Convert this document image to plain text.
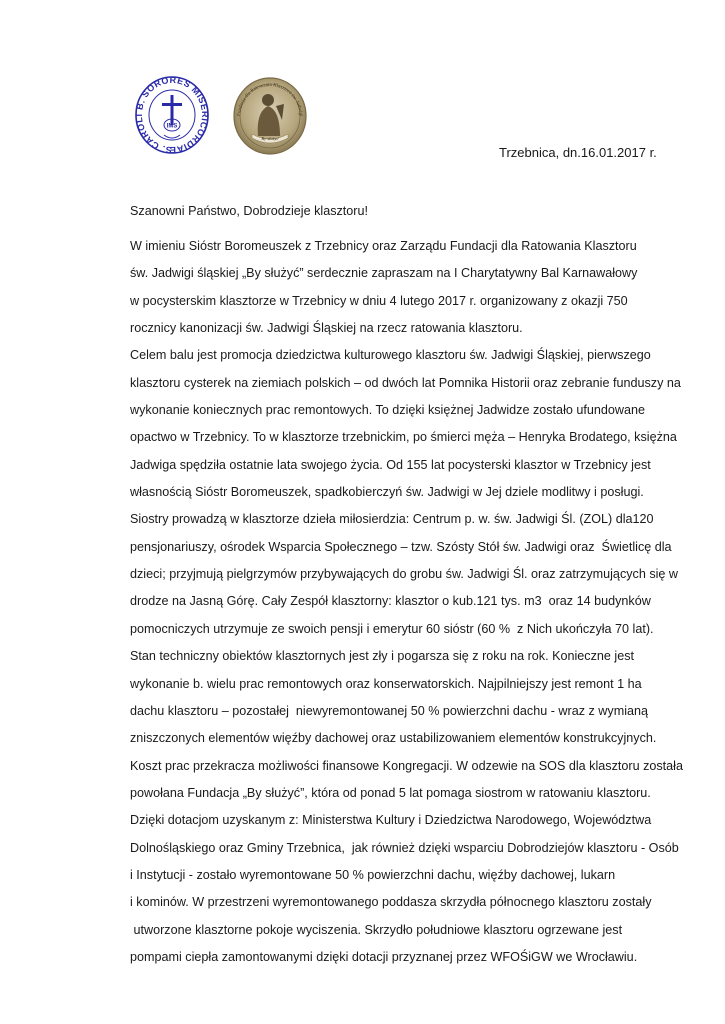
S. CAROLI B. SORORES MISERICORDIAE
IMS
Fundacja dla Ratowania Klasztoru św. Jadwigi
By służyć
Trzebnica, dn.16.01.2017 r.
Szanowni Państwo, Dobrodzieje klasztoru!
W imieniu Sióstr Boromeuszek z Trzebnicy oraz Zarządu Fundacji dla Ratowania Klasztoru
św. Jadwigi śląskiej „By służyć” serdecznie zapraszam na I Charytatywny Bal Karnawałowy
w pocysterskim klasztorze w Trzebnicy w dniu 4 lutego 2017 r. organizowany z okazji 750
rocznicy kanonizacji św. Jadwigi Śląskiej na rzecz ratowania klasztoru.
Celem balu jest promocja dziedzictwa kulturowego klasztoru św. Jadwigi Śląskiej, pierwszego
klasztoru cysterek na ziemiach polskich – od dwóch lat Pomnika Historii oraz zebranie funduszy na
wykonanie koniecznych prac remontowych. To dzięki księżnej Jadwidze zostało ufundowane
opactwo w Trzebnicy. To w klasztorze trzebnickim, po śmierci męża – Henryka Brodatego, księżna
Jadwiga spędziła ostatnie lata swojego życia. Od 155 lat pocysterski klasztor w Trzebnicy jest
własnością Sióstr Boromeuszek, spadkobierczyń św. Jadwigi w Jej dziele modlitwy i posługi.
Siostry prowadzą w klasztorze dzieła miłosierdzia: Centrum p. w. św. Jadwigi Śl. (ZOL) dla120
pensjonariuszy, ośrodek Wsparcia Społecznego – tzw. Szósty Stół św. Jadwigi oraz  Świetlicę dla
dzieci; przyjmują pielgrzymów przybywających do grobu św. Jadwigi Śl. oraz zatrzymujących się w
drodze na Jasną Górę. Cały Zespół klasztorny: klasztor o kub.121 tys. m3  oraz 14 budynków
pomocniczych utrzymuje ze swoich pensji i emerytur 60 sióstr (60 %  z Nich ukończyła 70 lat).
Stan techniczny obiektów klasztornych jest zły i pogarsza się z roku na rok. Konieczne jest
wykonanie b. wielu prac remontowych oraz konserwatorskich. Najpilniejszy jest remont 1 ha
dachu klasztoru – pozostałej  niewyremontowanej 50 % powierzchni dachu - wraz z wymianą
zniszczonych elementów więźby dachowej oraz ustabilizowaniem elementów konstrukcyjnych.
Koszt prac przekracza możliwości finansowe Kongregacji. W odzewie na SOS dla klasztoru została
powołana Fundacja „By służyć”, która od ponad 5 lat pomaga siostrom w ratowaniu klasztoru.
Dzięki dotacjom uzyskanym z: Ministerstwa Kultury i Dziedzictwa Narodowego, Województwa
Dolnośląskiego oraz Gminy Trzebnica,  jak również dzięki wsparciu Dobrodziejów klasztoru - Osób
i Instytucji - zostało wyremontowane 50 % powierzchni dachu, więźby dachowej, lukarn
i kominów. W przestrzeni wyremontowanego poddasza skrzydła północnego klasztoru zostały
utworzone klasztorne pokoje wyciszenia. Skrzydło południowe klasztoru ogrzewane jest
pompami ciepła zamontowanymi dzięki dotacji przyznanej przez WFOŚiGW we Wrocławiu.
